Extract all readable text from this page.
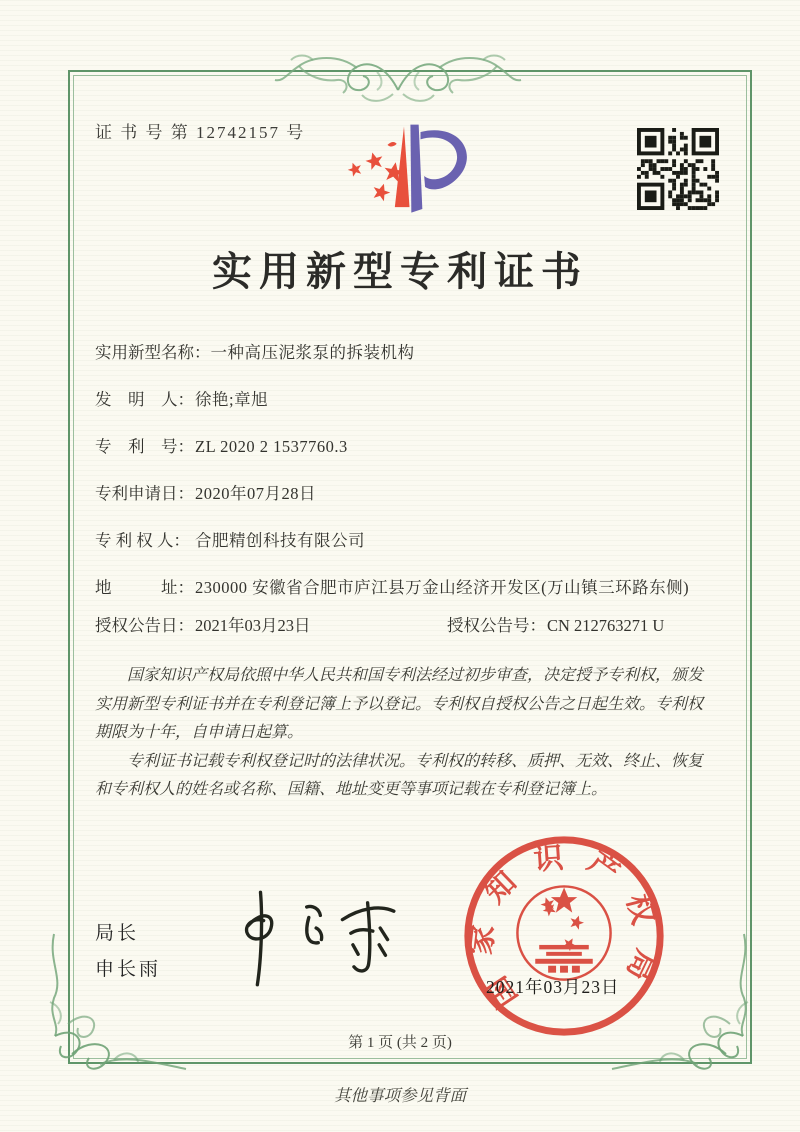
证 书 号 第 12742157 号
实用新型专利证书
实用新型名称： 一种高压泥浆泵的拆装机构
发　明　人： 徐艳;章旭
专　利　号： ZL 2020 2 1537760.3
专利申请日： 2020年07月28日
专 利 权 人： 合肥精创科技有限公司
地　　　址： 230000 安徽省合肥市庐江县万金山经济开发区(万山镇三环路东侧)
授权公告日： 2021年03月23日	授权公告号： CN 212763271 U

国家知识产权局依照中华人民共和国专利法经过初步审查，决定授予专利权，颁发实用新型专利证书并在专利登记簿上予以登记。专利权自授权公告之日起生效。专利权期限为十年，自申请日起算。

专利证书记载专利权登记时的法律状况。专利权的转移、质押、无效、终止、恢复和专利权人的姓名或名称、国籍、地址变更等事项记载在专利登记簿上。

局长
申长雨	国家知识产权局
2021年03月23日
第 1 页 (共 2 页)
其他事项参见背面
